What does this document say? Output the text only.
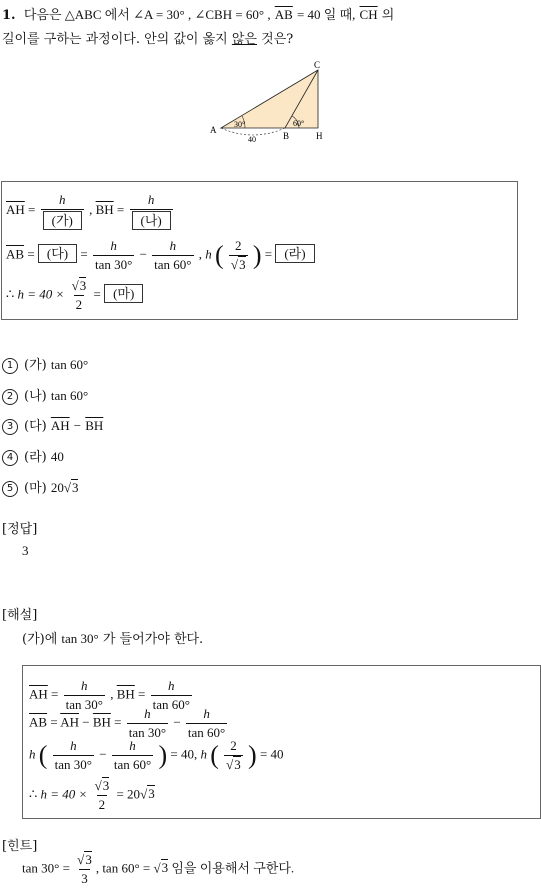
1. 다음은 △ABC 에서 ∠A = 30° , ∠CBH = 60° , $\overline{AB} = 40$ 일 때, $\overline{CH}$ 의
길이를 구하는 과정이다. 안의 값이 옳지 않은 것은?
C
A
B	H
30°	60°
40
$\overline{AH} = \frac{h}{\text{(가)}}$ , $\overline{BH} = \frac{h}{\text{(나)}}$
$\overline{AB}$ = (다) = $\frac{h}{\tan 30^\circ} - \frac{h}{\tan 60^\circ}$ , h ( $\frac{2}{√3}$ ) = (라)
∴ $h = 40 \times \frac{√3}{2}$ = (마)
1 (가) tan 60°
2 (나) tan 60°
3 (다) $\overline{AH} - \overline{BH}$
4 (라) 40
5 (마) 20√3
[정답]
3
[해설]
(가)에 tan 30° 가 들어가야 한다.
$\overline{AH} = \frac{h}{\tan 30^\circ}$ , $\overline{BH} = \frac{h}{\tan 60^\circ}$
$\overline{AB} = \overline{AH} - \overline{BH} = \frac{h}{\tan 30^\circ} - \frac{h}{\tan 60^\circ}$
h ( $\frac{h}{\tan 30^\circ} - \frac{h}{\tan 60^\circ}$ ) = 40, h ( $\frac{2}{√3}$ ) = 40
∴ $h = 40 \times \frac{√3}{2} = 20√3$
[힌트]
$\tan 30^\circ = \frac{√3}{3}$ , tan 60° = √3 임을 이용해서 구한다.
